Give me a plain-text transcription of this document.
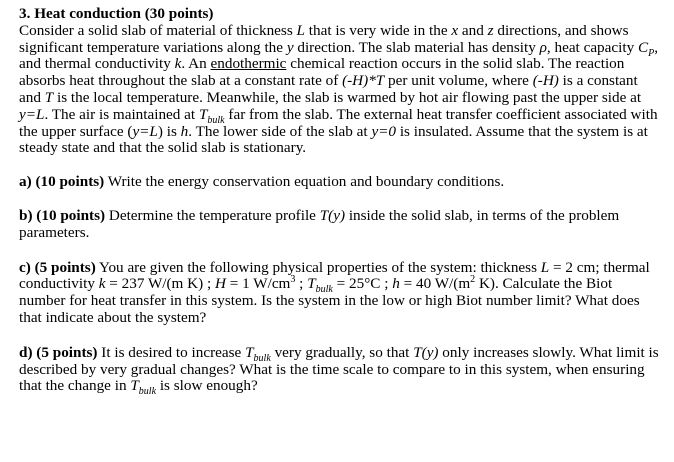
3. Heat conduction (30 points)

Consider a solid slab of material of thickness L that is very wide in the x and z directions, and shows significant temperature variations along the y direction. The slab material has density ρ, heat capacity $C_P$, and thermal conductivity k. An endothermic chemical reaction occurs in the solid slab. The reaction absorbs heat throughout the slab at a constant rate of (-H)*T per unit volume, where (-H) is a constant and T is the local temperature. Meanwhile, the slab is warmed by hot air flowing past the upper side at y=L. The air is maintained at $T_{bulk}$ far from the slab. The external heat transfer coefficient associated with the upper surface (y=L) is h. The lower side of the slab at y=0 is insulated. Assume that the system is at steady state and that the solid slab is stationary.

a) (10 points) Write the energy conservation equation and boundary conditions.

b) (10 points) Determine the temperature profile T(y) inside the solid slab, in terms of the problem parameters.

c) (5 points) You are given the following physical properties of the system: thickness L = 2 cm; thermal conductivity k = 237 W/(m K) ; H = 1 $W/cm^3$ ; $T_{bulk} = 25^\circ C$ ; h = 40 $W/(m^2$ K). Calculate the Biot number for heat transfer in this system. Is the system in the low or high Biot number limit? What does that indicate about the system?

d) (5 points) It is desired to increase $T_{bulk}$ very gradually, so that T(y) only increases slowly. What limit is described by very gradual changes? What is the time scale to compare to in this system, when ensuring that the change in $T_{bulk}$ is slow enough?
